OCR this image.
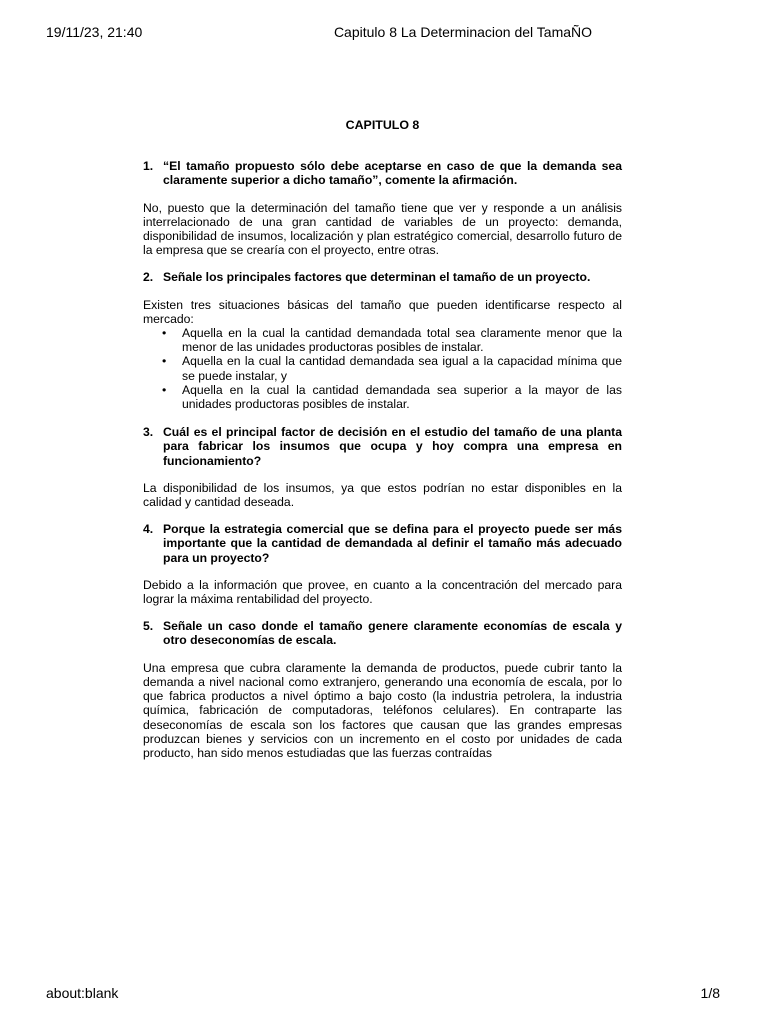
19/11/23, 21:40	Capitulo 8 La Determinacion del TamaÑO
CAPITULO 8
1. “El tamaño propuesto sólo debe aceptarse en caso de que la demanda sea claramente superior a dicho tamaño”, comente la afirmación.

No, puesto que la determinación del tamaño tiene que ver y responde a un análisis interrelacionado de una gran cantidad de variables de un proyecto: demanda, disponibilidad de insumos, localización y plan estratégico comercial, desarrollo futuro de la empresa que se crearía con el proyecto, entre otras.

2. Señale los principales factores que determinan el tamaño de un proyecto.

Existen tres situaciones básicas del tamaño que pueden identificarse respecto al mercado:

•	Aquella en la cual la cantidad demandada total sea claramente menor que la menor de las unidades productoras posibles de instalar.
•	Aquella en la cual la cantidad demandada sea igual a la capacidad mínima que se puede instalar, y
•	Aquella en la cual la cantidad demandada sea superior a la mayor de las unidades productoras posibles de instalar.
3. Cuál es el principal factor de decisión en el estudio del tamaño de una planta para fabricar los insumos que ocupa y hoy compra una empresa en funcionamiento?

La disponibilidad de los insumos, ya que estos podrían no estar disponibles en la calidad y cantidad deseada.

4. Porque la estrategia comercial que se defina para el proyecto puede ser más importante que la cantidad de demandada al definir el tamaño más adecuado para un proyecto?

Debido a la información que provee, en cuanto a la concentración del mercado para lograr la máxima rentabilidad del proyecto.

5. Señale un caso donde el tamaño genere claramente economías de escala y otro deseconomías de escala.

Una empresa que cubra claramente la demanda de productos, puede cubrir tanto la demanda a nivel nacional como extranjero, generando una economía de escala, por lo que fabrica productos a nivel óptimo a bajo costo (la industria petrolera, la industria química, fabricación de computadoras, teléfonos celulares). En contraparte las deseconomías de escala son los factores que causan que las grandes empresas produzcan bienes y servicios con un incremento en el costo por unidades de cada producto, han sido menos estudiadas que las fuerzas contraídas

about:blank	1/8
